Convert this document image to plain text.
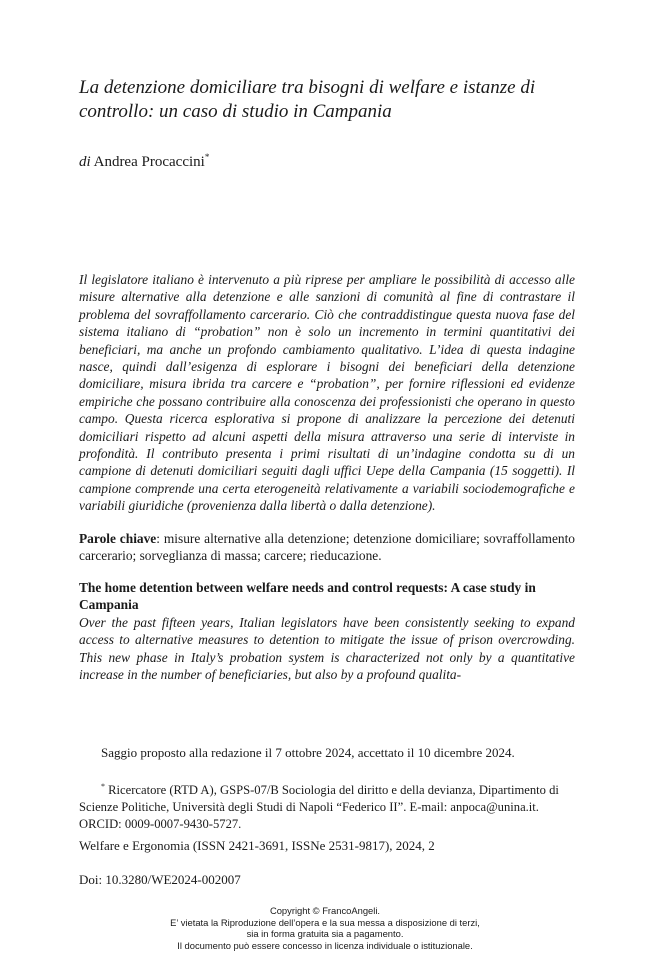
La detenzione domiciliare tra bisogni di welfare e istanze di controllo: un caso di studio in Campania
di Andrea Procaccini*

Il legislatore italiano è intervenuto a più riprese per ampliare le possibilità di accesso alle misure alternative alla detenzione e alle sanzioni di comunità al fine di contrastare il problema del sovraffollamento carcerario. Ciò che contraddistingue questa nuova fase del sistema italiano di “probation” non è solo un incremento in termini quantitativi dei beneficiari, ma anche un profondo cambiamento qualitativo. L’idea di questa indagine nasce, quindi dall’esigenza di esplorare i bisogni dei beneficiari della detenzione domiciliare, misura ibrida tra carcere e “probation”, per fornire riflessioni ed evidenze empiriche che possano contribuire alla conoscenza dei professionisti che operano in questo campo. Questa ricerca esplorativa si propone di analizzare la percezione dei detenuti domiciliari rispetto ad alcuni aspetti della misura attraverso una serie di interviste in profondità. Il contributo presenta i primi risultati di un’indagine condotta su di un campione di detenuti domiciliari seguiti dagli uffici Uepe della Campania (15 soggetti). Il campione comprende una certa eterogeneità relativamente a variabili sociodemografiche e variabili giuridiche (provenienza dalla libertà o dalla detenzione).

Parole chiave: misure alternative alla detenzione; detenzione domiciliare; sovraffollamento carcerario; sorveglianza di massa; carcere; rieducazione.

The home detention between welfare needs and control requests: A case study in Campania

Over the past fifteen years, Italian legislators have been consistently seeking to expand access to alternative measures to detention to mitigate the issue of prison overcrowding. This new phase in Italy’s probation system is characterized not only by a quantitative increase in the number of beneficiaries, but also by a profound qualita-

Saggio proposto alla redazione il 7 ottobre 2024, accettato il 10 dicembre 2024.

* Ricercatore (RTD A), GSPS-07/B Sociologia del diritto e della devianza, Dipartimento di Scienze Politiche, Università degli Studi di Napoli “Federico II”. E-mail: anpoca@unina.it. ORCID: 0009-0007-9430-5727.

Welfare e Ergonomia (ISSN 2421-3691, ISSNe 2531-9817), 2024, 2
Doi: 10.3280/WE2024-002007
Copyright © FrancoAngeli.
E’ vietata la Riproduzione dell’opera e la sua messa a disposizione di terzi,
sia in forma gratuita sia a pagamento.
Il documento può essere concesso in licenza individuale o istituzionale.
